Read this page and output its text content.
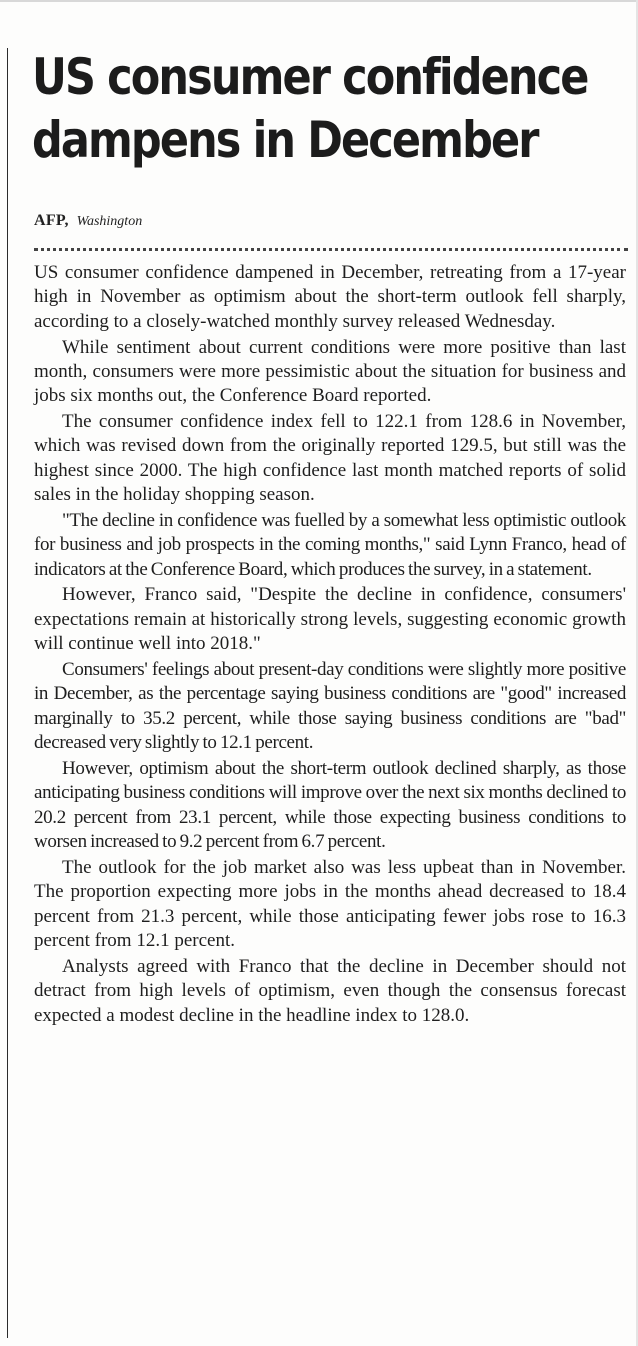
US consumer confidence
dampens in December
AFP, Washington

US consumer confidence dampened in December, retreating from a 17-year high in November as optimism about the short-term outlook fell sharply, according to a closely-watched monthly survey released Wednesday.

While sentiment about current conditions were more positive than last month, consumers were more pessimistic about the situation for business and jobs six months out, the Conference Board reported.

The consumer confidence index fell to 122.1 from 128.6 in November, which was revised down from the originally reported 129.5, but still was the highest since 2000. The high confidence last month matched reports of solid sales in the holiday shopping season.

"The decline in confidence was fuelled by a somewhat less optimistic outlook for business and job prospects in the coming months," said Lynn Franco, head of indicators at the Conference Board, which produces the survey, in a statement.

However, Franco said, "Despite the decline in confidence, consumers' expectations remain at historically strong levels, suggesting economic growth will continue well into 2018."

Consumers' feelings about present-day conditions were slightly more positive in December, as the percentage saying business conditions are "good" increased marginally to 35.2 percent, while those saying business conditions are "bad" decreased very slightly to 12.1 percent.

However, optimism about the short-term outlook declined sharply, as those anticipating business conditions will improve over the next six months declined to 20.2 percent from 23.1 percent, while those expecting business conditions to worsen increased to 9.2 percent from 6.7 percent.

The outlook for the job market also was less upbeat than in November. The proportion expecting more jobs in the months ahead decreased to 18.4 percent from 21.3 percent, while those anticipating fewer jobs rose to 16.3 percent from 12.1 percent.

Analysts agreed with Franco that the decline in December should not detract from high levels of optimism, even though the consensus forecast expected a modest decline in the headline index to 128.0.
